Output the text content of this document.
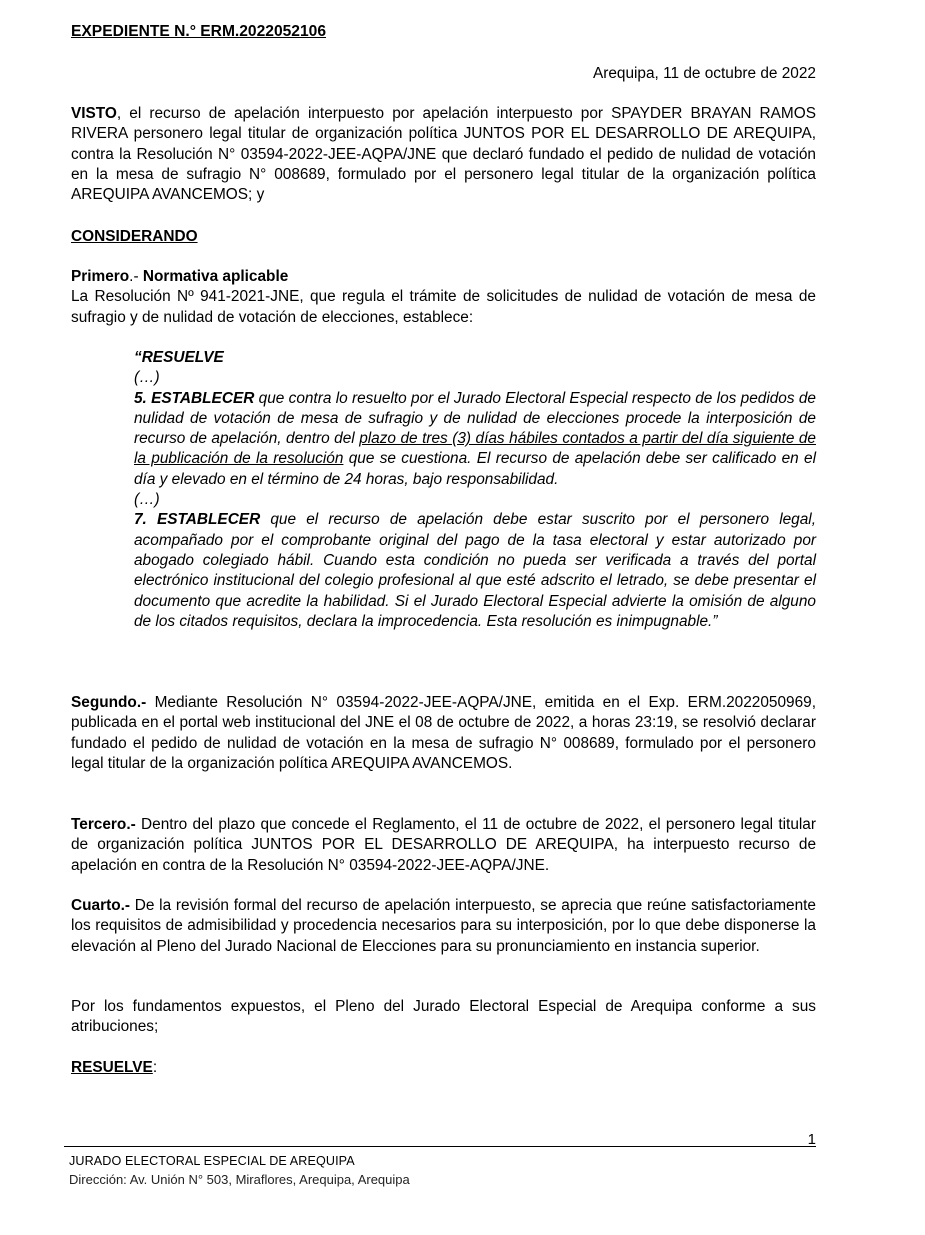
EXPEDIENTE N.° ERM.2022052106
Arequipa, 11 de octubre de 2022
VISTO, el recurso de apelación interpuesto por apelación interpuesto por SPAYDER BRAYAN RAMOS RIVERA personero legal titular de organización política JUNTOS POR EL DESARROLLO DE AREQUIPA, contra la Resolución N° 03594-2022-JEE-AQPA/JNE que declaró fundado el pedido de nulidad de votación en la mesa de sufragio N° 008689, formulado por el personero legal titular de la organización política AREQUIPA AVANCEMOS; y
CONSIDERANDO
Primero.- Normativa aplicable
La Resolución Nº 941-2021-JNE, que regula el trámite de solicitudes de nulidad de votación de mesa de sufragio y de nulidad de votación de elecciones, establece:
“RESUELVE
(…)
5. ESTABLECER que contra lo resuelto por el Jurado Electoral Especial respecto de los pedidos de nulidad de votación de mesa de sufragio y de nulidad de elecciones procede la interposición de recurso de apelación, dentro del plazo de tres (3) días hábiles contados a partir del día siguiente de la publicación de la resolución que se cuestiona. El recurso de apelación debe ser calificado en el día y elevado en el término de 24 horas, bajo responsabilidad.
(…)
7. ESTABLECER que el recurso de apelación debe estar suscrito por el personero legal, acompañado por el comprobante original del pago de la tasa electoral y estar autorizado por abogado colegiado hábil. Cuando esta condición no pueda ser verificada a través del portal electrónico institucional del colegio profesional al que esté adscrito el letrado, se debe presentar el documento que acredite la habilidad. Si el Jurado Electoral Especial advierte la omisión de alguno de los citados requisitos, declara la improcedencia. Esta resolución es inimpugnable.”
Segundo.- Mediante Resolución N° 03594-2022-JEE-AQPA/JNE, emitida en el Exp. ERM.2022050969, publicada en el portal web institucional del JNE el 08 de octubre de 2022, a horas 23:19, se resolvió declarar fundado el pedido de nulidad de votación en la mesa de sufragio N° 008689, formulado por el personero legal titular de la organización política AREQUIPA AVANCEMOS.
Tercero.- Dentro del plazo que concede el Reglamento, el 11 de octubre de 2022, el personero legal titular de organización política JUNTOS POR EL DESARROLLO DE AREQUIPA, ha interpuesto recurso de apelación en contra de la Resolución N° 03594-2022-JEE-AQPA/JNE.
Cuarto.- De la revisión formal del recurso de apelación interpuesto, se aprecia que reúne satisfactoriamente los requisitos de admisibilidad y procedencia necesarios para su interposición, por lo que debe disponerse la elevación al Pleno del Jurado Nacional de Elecciones para su pronunciamiento en instancia superior.
Por los fundamentos expuestos, el Pleno del Jurado Electoral Especial de Arequipa conforme a sus atribuciones;
RESUELVE:
1
JURADO ELECTORAL ESPECIAL DE AREQUIPA
Dirección: Av. Unión N° 503, Miraflores, Arequipa, Arequipa
